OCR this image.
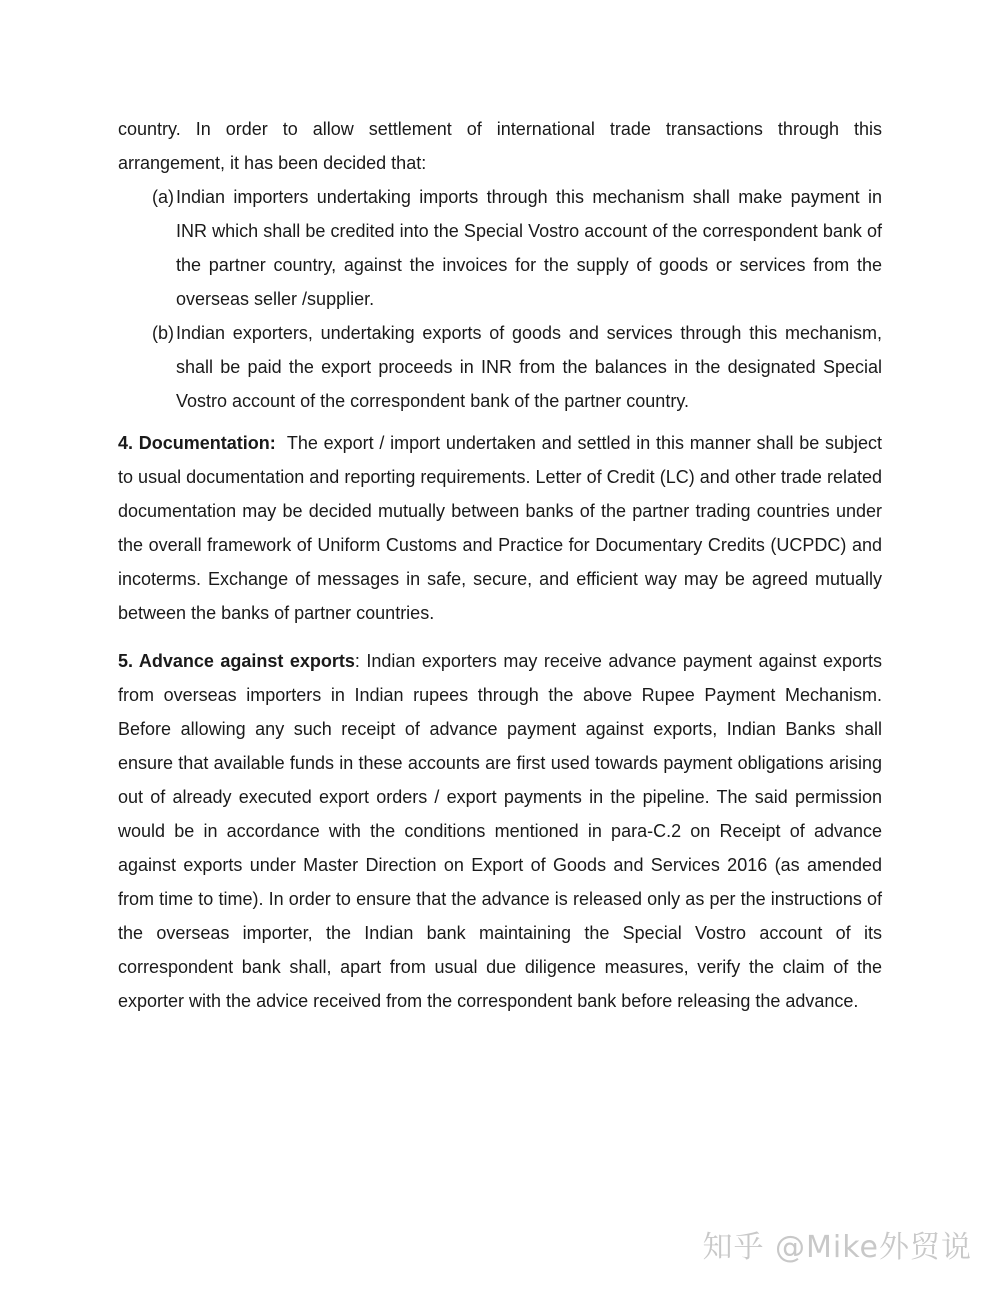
country. In order to allow settlement of international trade transactions through this arrangement, it has been decided that:

(a) Indian importers undertaking imports through this mechanism shall make payment in INR which shall be credited into the Special Vostro account of the correspondent bank of the partner country, against the invoices for the supply of goods or services from the overseas seller /supplier.
(b) Indian exporters, undertaking exports of goods and services through this mechanism, shall be paid the export proceeds in INR from the balances in the designated Special Vostro account of the correspondent bank of the partner country.

4. Documentation: The export / import undertaken and settled in this manner shall be subject to usual documentation and reporting requirements. Letter of Credit (LC) and other trade related documentation may be decided mutually between banks of the partner trading countries under the overall framework of Uniform Customs and Practice for Documentary Credits (UCPDC) and incoterms. Exchange of messages in safe, secure, and efficient way may be agreed mutually between the banks of partner countries.

5. Advance against exports: Indian exporters may receive advance payment against exports from overseas importers in Indian rupees through the above Rupee Payment Mechanism. Before allowing any such receipt of advance payment against exports, Indian Banks shall ensure that available funds in these accounts are first used towards payment obligations arising out of already executed export orders / export payments in the pipeline. The said permission would be in accordance with the conditions mentioned in para-C.2 on Receipt of advance against exports under Master Direction on Export of Goods and Services 2016 (as amended from time to time). In order to ensure that the advance is released only as per the instructions of the overseas importer, the Indian bank maintaining the Special Vostro account of its correspondent bank shall, apart from usual due diligence measures, verify the claim of the exporter with the advice received from the correspondent bank before releasing the advance.

知乎 @Mike外贸说
